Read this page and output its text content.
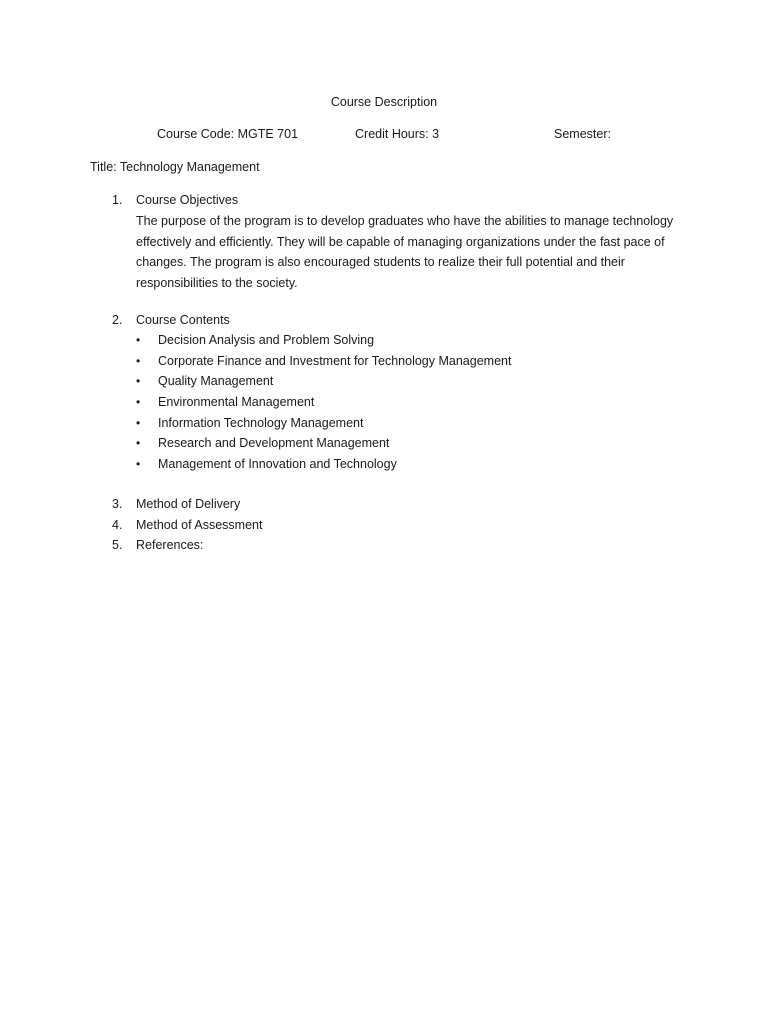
Course Description
Course Code: MGTE 701	Credit Hours: 3	Semester:
Title: Technology Management
1. Course Objectives
The purpose of the program is to develop graduates who have the abilities to manage technology effectively and efficiently. They will be capable of managing organizations under the fast pace of changes. The program is also encouraged students to realize their full potential and their responsibilities to the society.
2. Course Contents
• Decision Analysis and Problem Solving
• Corporate Finance and Investment for Technology Management
• Quality Management
• Environmental Management
• Information Technology Management
• Research and Development Management
• Management of Innovation and Technology
3. Method of Delivery
4. Method of Assessment
5. References:
